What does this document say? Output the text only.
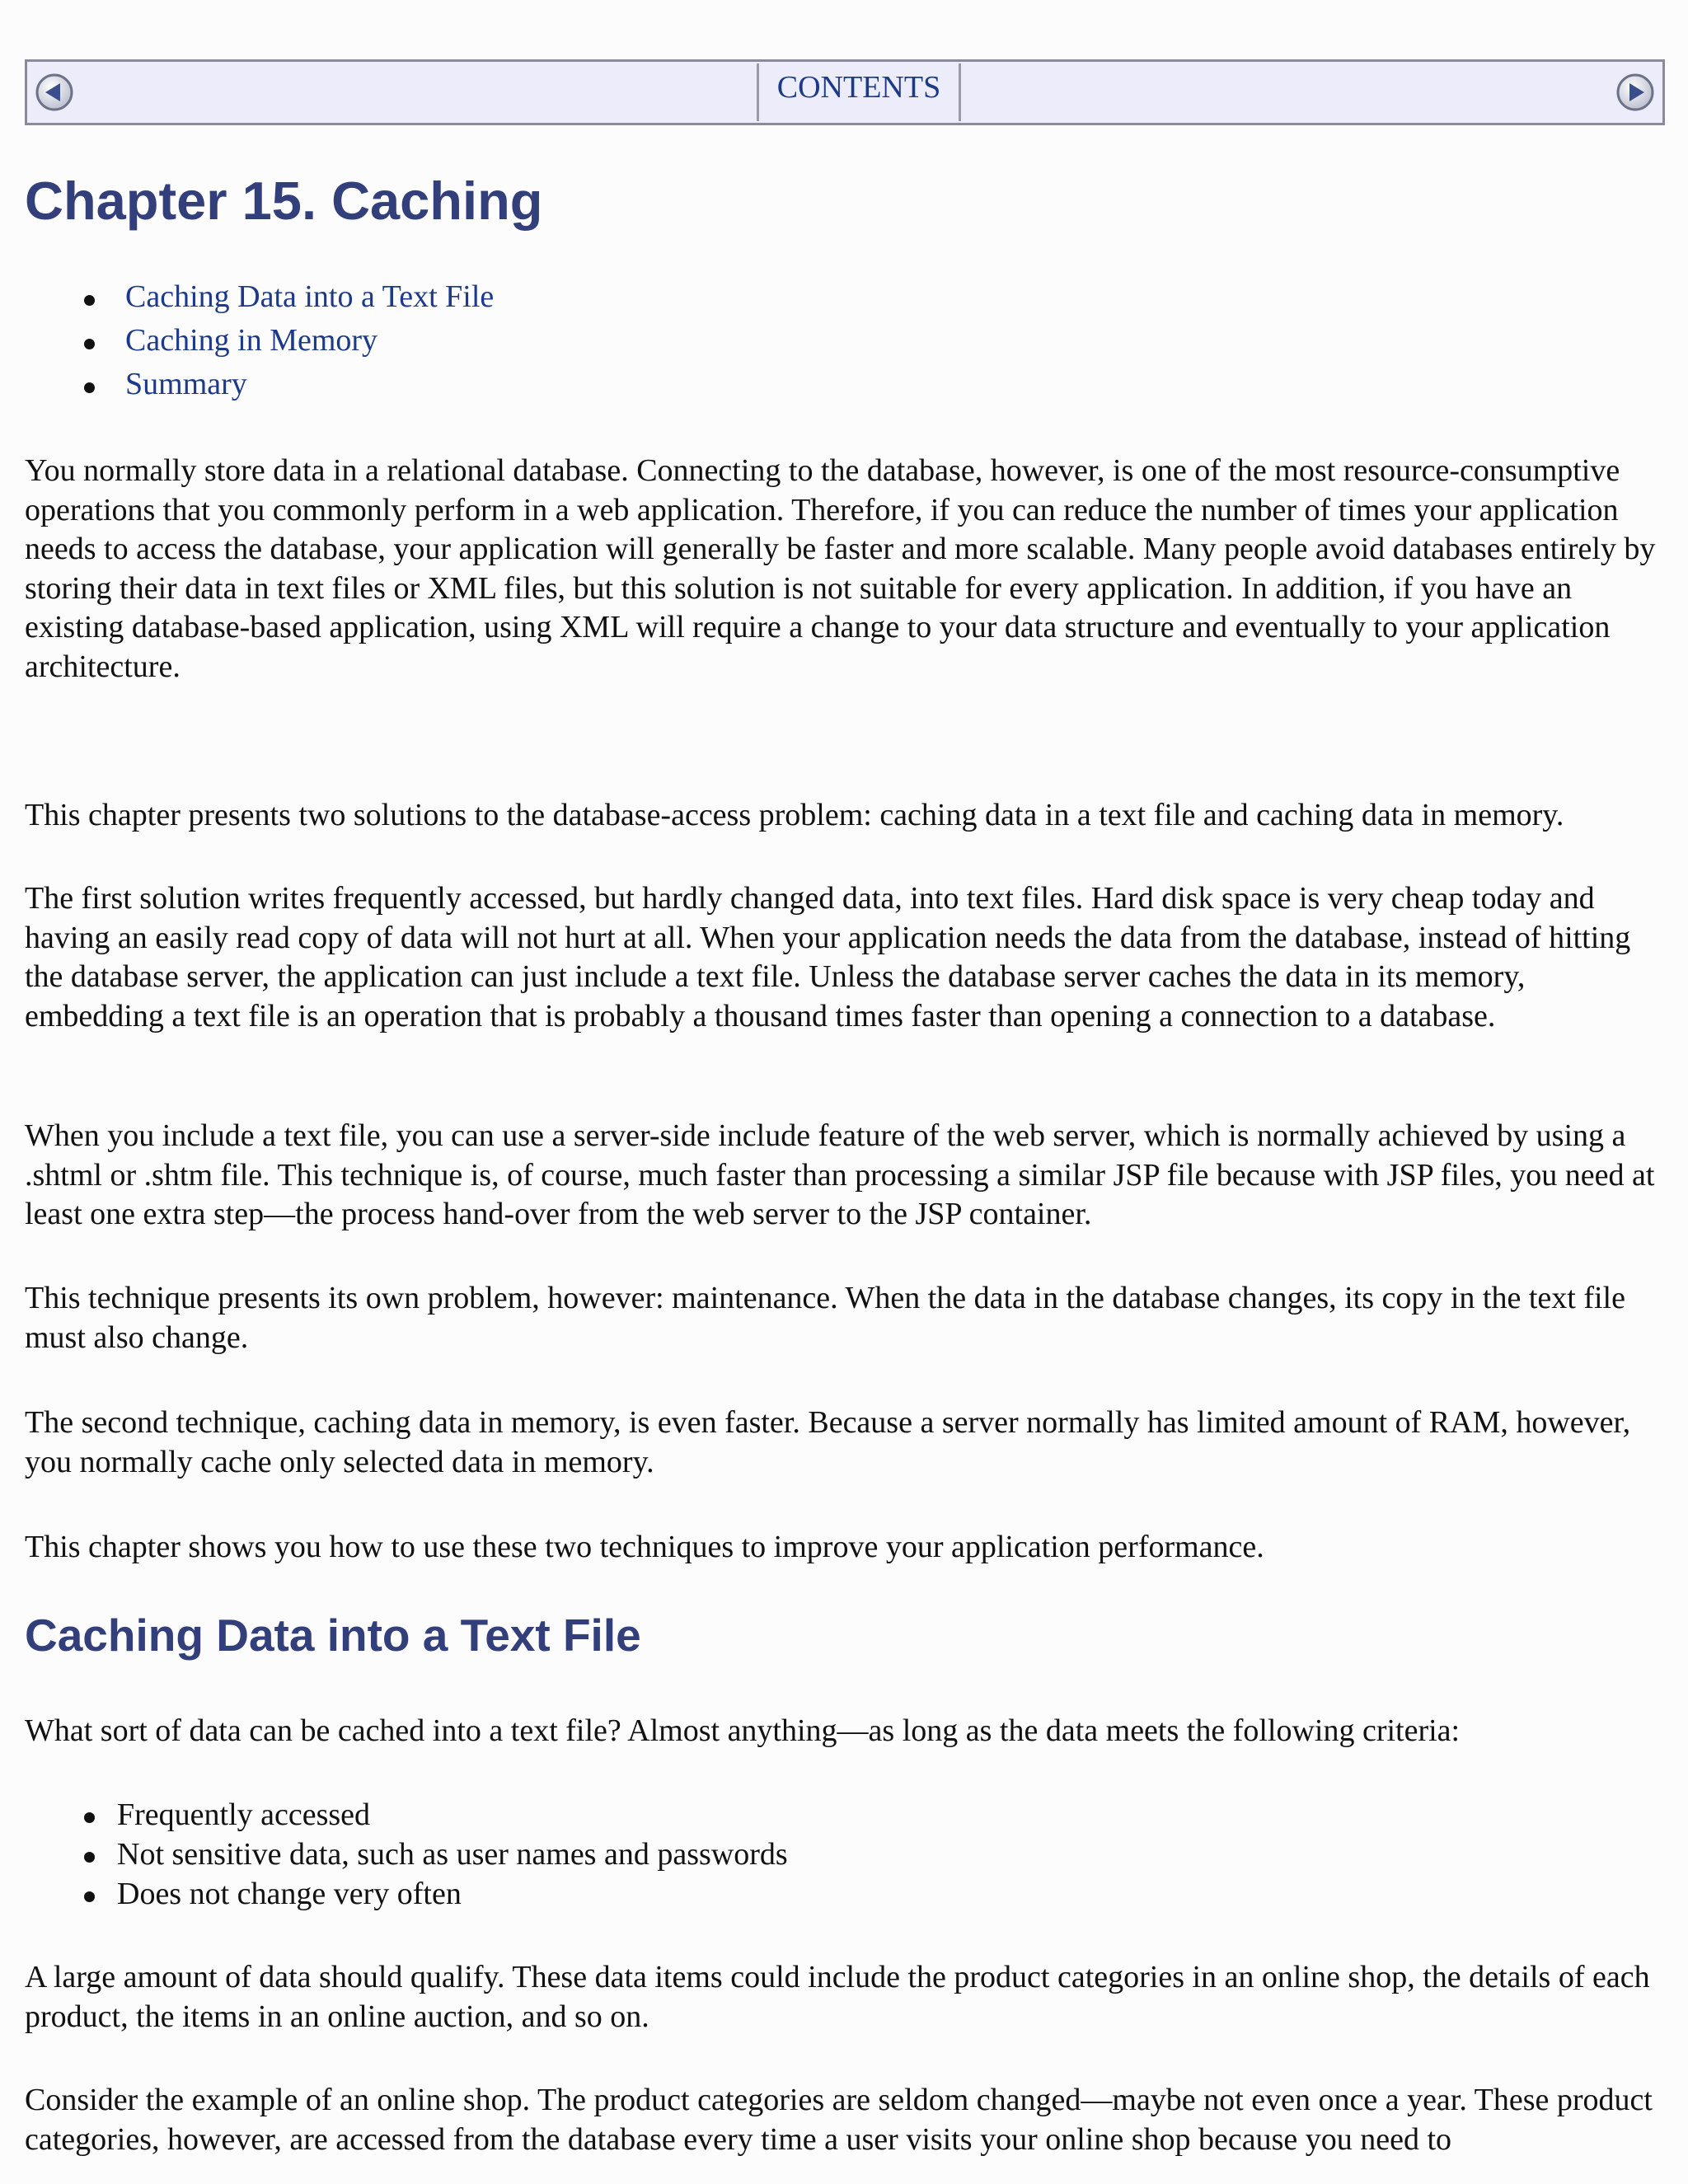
CONTENTS
Chapter 15. Caching
Caching Data into a Text File
Caching in Memory
Summary

You normally store data in a relational database. Connecting to the database, however, is one of the most resource-consumptive operations that you commonly perform in a web application. Therefore, if you can reduce the number of times your application needs to access the database, your application will generally be faster and more scalable. Many people avoid databases entirely by storing their data in text files or XML files, but this solution is not suitable for every application. In addition, if you have an existing database-based application, using XML will require a change to your data structure and eventually to your application architecture.

This chapter presents two solutions to the database-access problem: caching data in a text file and caching data in memory.

The first solution writes frequently accessed, but hardly changed data, into text files. Hard disk space is very cheap today and having an easily read copy of data will not hurt at all. When your application needs the data from the database, instead of hitting the database server, the application can just include a text file. Unless the database server caches the data in its memory, embedding a text file is an operation that is probably a thousand times faster than opening a connection to a database.

When you include a text file, you can use a server-side include feature of the web server, which is normally achieved by using a .shtml or .shtm file. This technique is, of course, much faster than processing a similar JSP file because with JSP files, you need at least one extra step—the process hand-over from the web server to the JSP container.

This technique presents its own problem, however: maintenance. When the data in the database changes, its copy in the text file must also change.

The second technique, caching data in memory, is even faster. Because a server normally has limited amount of RAM, however, you normally cache only selected data in memory.

This chapter shows you how to use these two techniques to improve your application performance.

Caching Data into a Text File

What sort of data can be cached into a text file? Almost anything—as long as the data meets the following criteria:

Frequently accessed
Not sensitive data, such as user names and passwords
Does not change very often

A large amount of data should qualify. These data items could include the product categories in an online shop, the details of each product, the items in an online auction, and so on.

Consider the example of an online shop. The product categories are seldom changed—maybe not even once a year. These product categories, however, are accessed from the database every time a user visits your online shop because you need to
